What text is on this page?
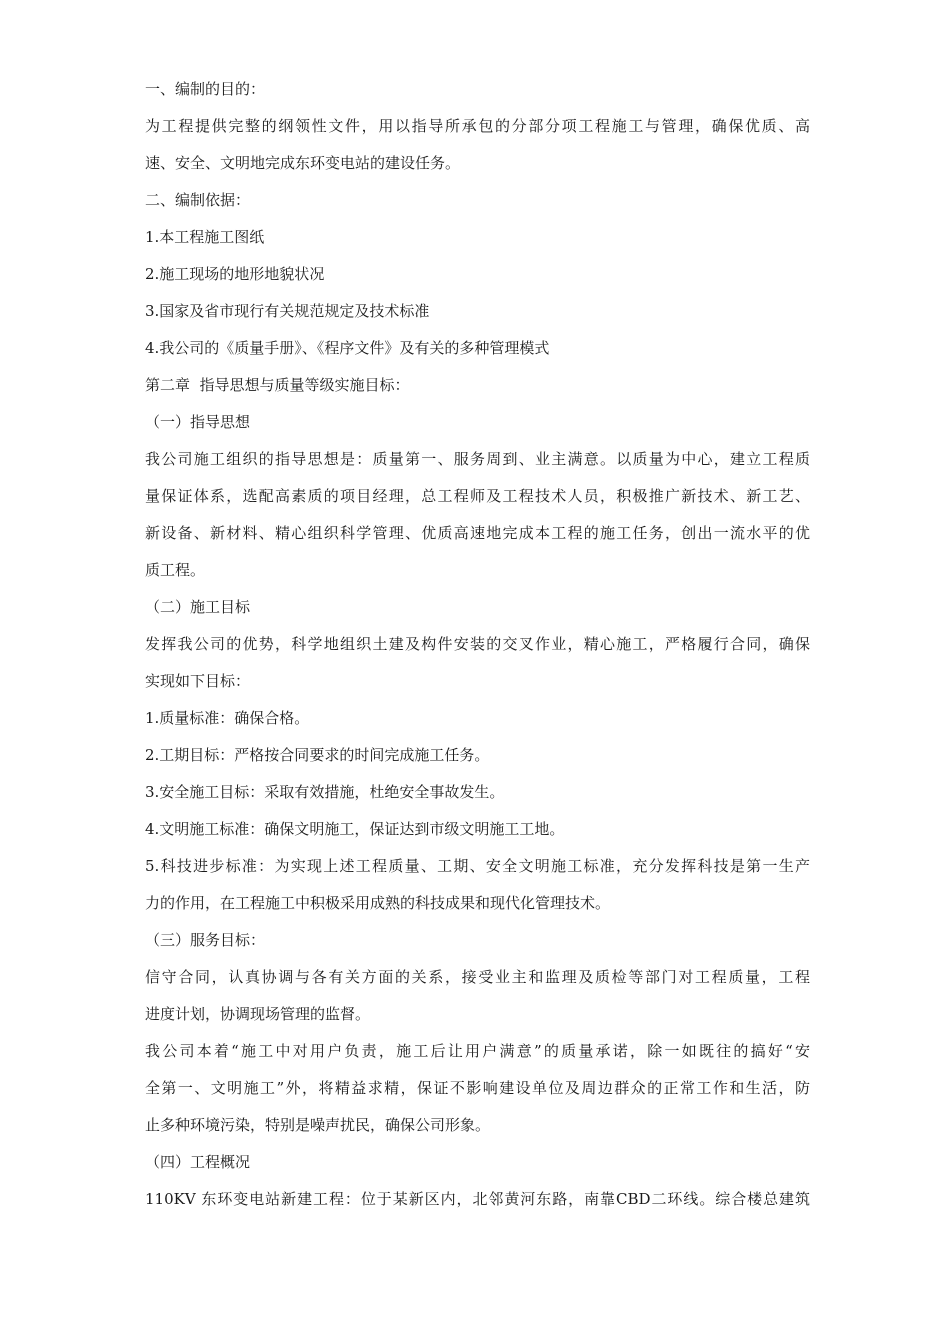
一、编制的目的：
为工程提供完整的纲领性文件，用以指导所承包的分部分项工程施工与管理，确保优质、高
速、安全、文明地完成东环变电站的建设任务。
二、编制依据：
1.本工程施工图纸
2.施工现场的地形地貌状况
3.国家及省市现行有关规范规定及技术标准
4.我公司的《质量手册》、《程序文件》及有关的多种管理模式
第二章  指导思想与质量等级实施目标：
（一）指导思想
我公司施工组织的指导思想是：质量第一、服务周到、业主满意。以质量为中心，建立工程质
量保证体系，选配高素质的项目经理，总工程师及工程技术人员，积极推广新技术、新工艺、
新设备、新材料、精心组织科学管理、优质高速地完成本工程的施工任务，创出一流水平的优
质工程。
（二）施工目标
发挥我公司的优势，科学地组织土建及构件安装的交叉作业，精心施工，严格履行合同，确保
实现如下目标：
1.质量标准：确保合格。
2.工期目标：严格按合同要求的时间完成施工任务。
3.安全施工目标：采取有效措施，杜绝安全事故发生。
4.文明施工标准：确保文明施工，保证达到市级文明施工工地。
5.科技进步标准：为实现上述工程质量、工期、安全文明施工标准，充分发挥科技是第一生产
力的作用，在工程施工中积极采用成熟的科技成果和现代化管理技术。
（三）服务目标：
信守合同，认真协调与各有关方面的关系，接受业主和监理及质检等部门对工程质量，工程
进度计划，协调现场管理的监督。
我公司本着“施工中对用户负责，施工后让用户满意”的质量承诺，除一如既往的搞好“安
全第一、文明施工”外，将精益求精，保证不影响建设单位及周边群众的正常工作和生活，防
止多种环境污染，特别是噪声扰民，确保公司形象。
（四）工程概况
110KV 东环变电站新建工程：位于某新区内，北邻黄河东路，南靠CBD二环线。综合楼总建筑
